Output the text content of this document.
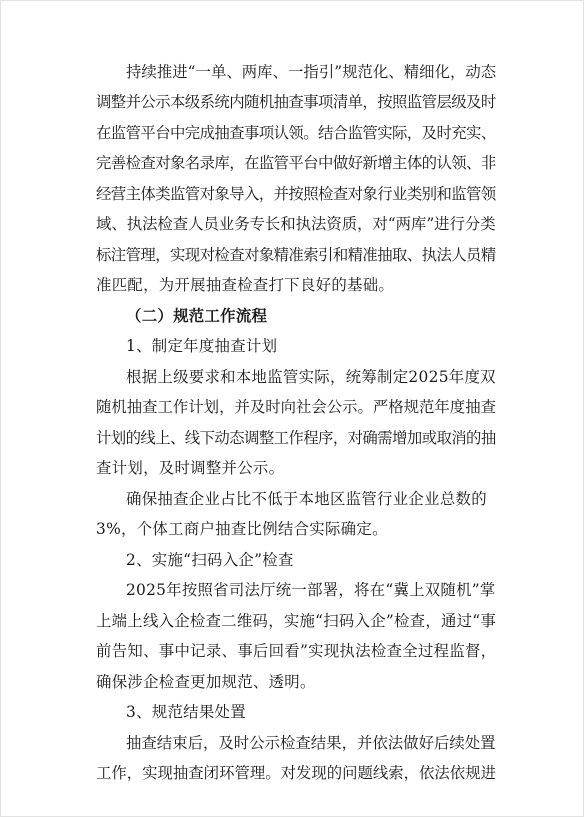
持续推进“一单、两库、一指引”规范化、精细化，动态
调整并公示本级系统内随机抽查事项清单，按照监管层级及时
在监管平台中完成抽查事项认领。结合监管实际，及时充实、
完善检查对象名录库，在监管平台中做好新增主体的认领、非
经营主体类监管对象导入，并按照检查对象行业类别和监管领
域、执法检查人员业务专长和执法资质，对“两库”进行分类
标注管理，实现对检查对象精准索引和精准抽取、执法人员精
准匹配，为开展抽查检查打下良好的基础。
（二）规范工作流程
1、制定年度抽查计划
根据上级要求和本地监管实际，统筹制定2025年度双
随机抽查工作计划，并及时向社会公示。严格规范年度抽查
计划的线上、线下动态调整工作程序，对确需增加或取消的抽
查计划，及时调整并公示。
确保抽查企业占比不低于本地区监管行业企业总数的
3%，个体工商户抽查比例结合实际确定。
2、实施“扫码入企”检查
2025年按照省司法厅统一部署，将在“冀上双随机”掌
上端上线入企检查二维码，实施“扫码入企”检查，通过“事
前告知、事中记录、事后回看”实现执法检查全过程监督，
确保涉企检查更加规范、透明。
3、规范结果处置
抽查结束后，及时公示检查结果，并依法做好后续处置
工作，实现抽查闭环管理。对发现的问题线索，依法依规进
